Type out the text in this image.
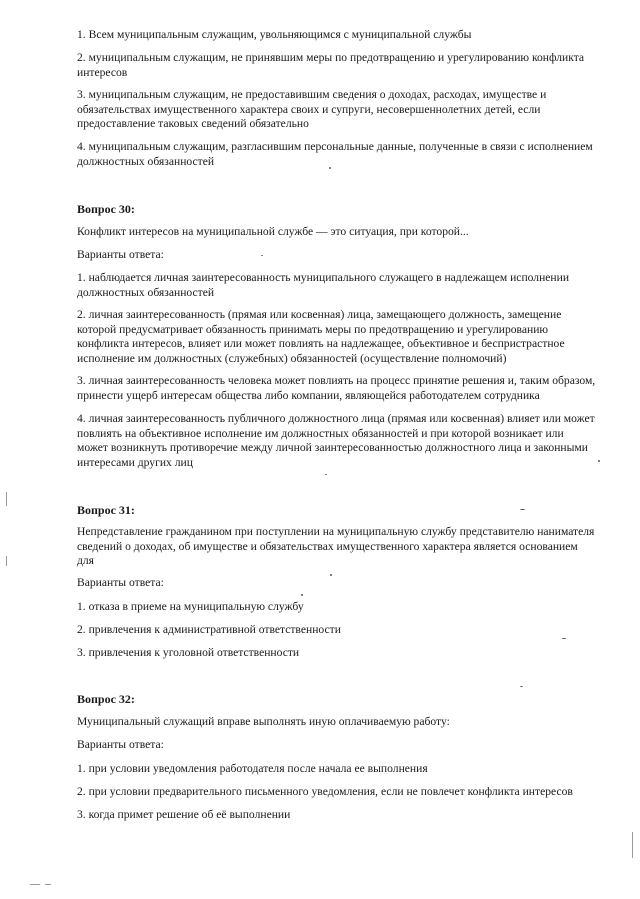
1. Всем муниципальным служащим, увольняющимся с муниципальной службы

2. муниципальным служащим, не принявшим меры по предотвращению и урегулированию конфликта интересов

3. муниципальным служащим, не предоставившим сведения о доходах, расходах, имуществе и обязательствах имущественного характера своих и супруги, несовершеннолетних детей, если предоставление таковых сведений обязательно

4. муниципальным служащим, разгласившим персональные данные, полученные в связи с исполнением должностных обязанностей

Вопрос 30:

Конфликт интересов на муниципальной службе — это ситуация, при которой...

Варианты ответа:

1. наблюдается личная заинтересованность муниципального служащего в надлежащем исполнении должностных обязанностей

2. личная заинтересованность (прямая или косвенная) лица, замещающего должность, замещение которой предусматривает обязанность принимать меры по предотвращению и урегулированию конфликта интересов, влияет или может повлиять на надлежащее, объективное и беспристрастное исполнение им должностных (служебных) обязанностей (осуществление полномочий)

3. личная заинтересованность человека может повлиять на процесс принятие решения и, таким образом, принести ущерб интересам общества либо компании, являющейся работодателем сотрудника

4. личная заинтересованность публичного должностного лица (прямая или косвенная) влияет или может повлиять на объективное исполнение им должностных обязанностей и при которой возникает или может возникнуть противоречие между личной заинтересованностью должностного лица и законными интересами других лиц

Вопрос 31:

Непредставление гражданином при поступлении на муниципальную службу представителю нанимателя сведений о доходах, об имуществе и обязательствах имущественного характера является основанием для

Варианты ответа:

1. отказа в приеме на муниципальную службу

2. привлечения к административной ответственности

3. привлечения к уголовной ответственности

Вопрос 32:

Муниципальный служащий вправе выполнять иную оплачиваемую работу:

Варианты ответа:

1. при условии уведомления работодателя после начала ее выполнения

2. при условии предварительного письменного уведомления, если не повлечет конфликта интересов

3. когда примет решение об её выполнении
